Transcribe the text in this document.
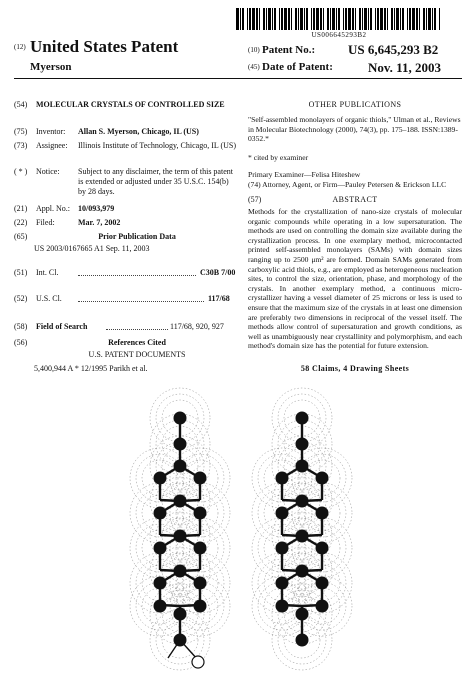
US006645293B2
(12) United States Patent
Myerson
(10) Patent No.:	US 6,645,293 B2
(45) Date of Patent:	Nov. 11, 2003
(54)	MOLECULAR CRYSTALS OF CONTROLLED SIZE
(75)	Inventor:	Allan S. Myerson, Chicago, IL (US)
(73)	Assignee:	Illinois Institute of Technology, Chicago, IL (US)
( * )	Notice:	Subject to any disclaimer, the term of this patent is extended or adjusted under 35 U.S.C. 154(b) by 28 days.
(21)	Appl. No.:	10/093,979
(22)	Filed:	Mar. 7, 2002
(65)	Prior Publication Data
US 2003/0167665 A1 Sep. 11, 2003
(51)	Int. Cl.	C30B 7/00
(52)	U.S. Cl.	117/68
(58)	Field of Search	117/68, 920, 927
(56)	References Cited
U.S. PATENT DOCUMENTS
5,400,944 A * 12/1995 Parikh et al.
OTHER PUBLICATIONS
"Self-assembled monolayers of organic thiols," Ulman et al., Reviews in Molecular Biotechnology (2000), 74(3), pp. 175–188. ISSN:1389-0352.*
* cited by examiner
Primary Examiner—Felisa Hiteshew
(74) Attorney, Agent, or Firm—Pauley Petersen & Erickson LLC
(57)	ABSTRACT
Methods for the crystallization of nano-size crystals of molecular organic compounds while operating in a low supersaturation. The methods are used on controlling the domain size available during the crystallization process. In one exemplary method, microcontacted printed self-assembled monolayers (SAMs) with domain sizes ranging up to 2500 μm² are formed. Domain SAMs generated from carboxylic acid thiols, e.g., are employed as heterogeneous nucleation sites, to control the size, orientation, phase, and morphology of the crystals. In another exemplary method, a continuous micro-crystallizer having a vessel diameter of 25 microns or less is used to ensure that the maximum size of the crystals in at least one dimension are preferably two dimensions in reciprocal of the vessel itself. The methods allow control of supersaturation and growth conditions, as well as unambiguously near crystallinity and polymorphism, and each method's domain size has the potential for future extension.
58 Claims, 4 Drawing Sheets
